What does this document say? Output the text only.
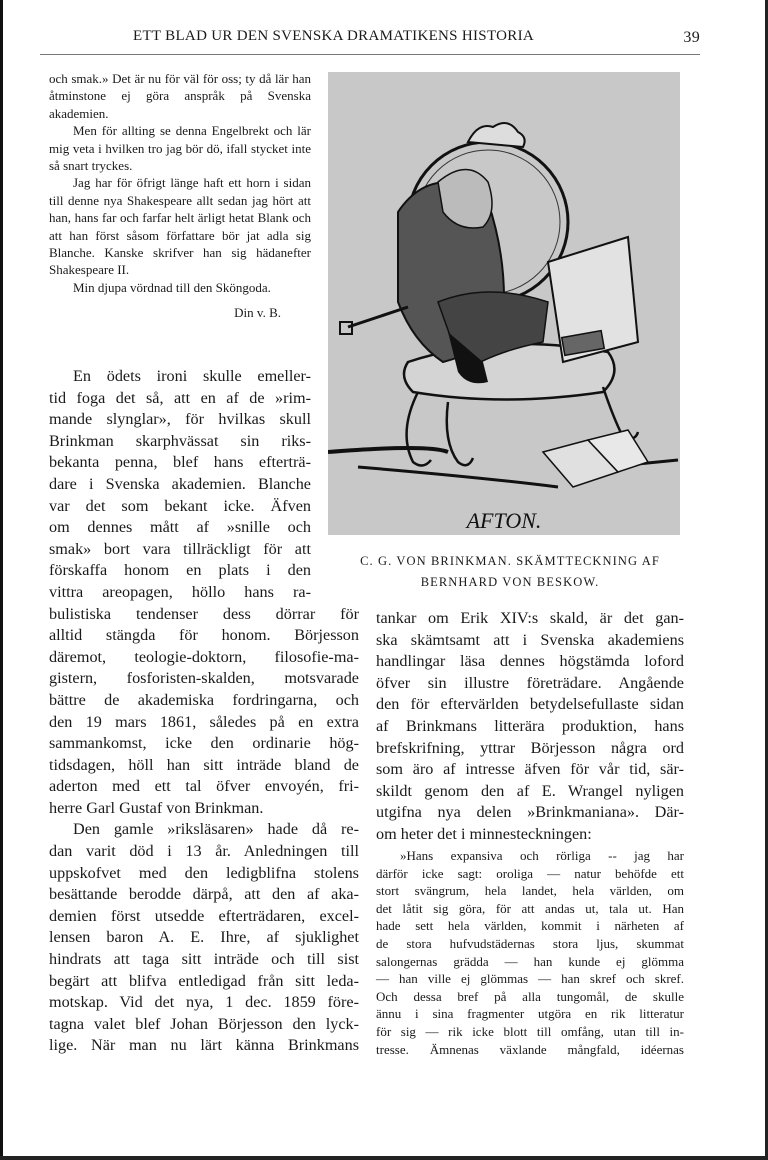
ETT BLAD UR DEN SVENSKA DRAMATIKENS HISTORIA	39

och smak.» Det är nu för väl för oss; ty då lär han åtminstone ej göra anspråk på Svenska akademien.

Men för allting se denna Engelbrekt och lär mig veta i hvilken tro jag bör dö, ifall stycket inte så snart tryckes.

Jag har för öfrigt länge haft ett horn i sidan till denne nya Shakespeare allt sedan jag hört att han, hans far och farfar helt ärligt hetat Blank och att han först såsom författare bör jat adla sig Blanche. Kanske skrifver han sig hädanefter Shakespeare II.

Min djupa vördnad till den Sköngoda.

Din v. B.

En ödets ironi skulle emeller-
tid foga det så, att en af de »rim-
mande slynglar», för hvilkas skull
Brinkman skarphvässat sin riks-
bekanta penna, blef hans efterträ-
dare i Svenska akademien. Blanche
var det som bekant icke. Äfven
om dennes mått af »snille och
smak» bort vara tillräckligt för att
förskaffa honom en plats i den
vittra areopagen, höllo hans ra-
bulistiska tendenser dess dörrar för
alltid stängda för honom. Börjesson
däremot, teologie-doktorn, filosofie-ma-
gistern, fosforisten-skalden, motsvarade
bättre de akademiska fordringarna, och
den 19 mars 1861, således på en extra
sammankomst, icke den ordinarie hög-
tidsdagen, höll han sitt inträde bland de
aderton med ett tal öfver envoyén, fri-
herre Garl Gustaf von Brinkman.
Den gamle »riksläsaren» hade då re-
dan varit död i 13 år. Anledningen till
uppskofvet med den ledigblifna stolens
besättande berodde därpå, att den af aka-
demien först utsedde efterträdaren, excel-
lensen baron A. E. Ihre, af sjuklighet
hindrats att taga sitt inträde och till sist
begärt att blifva entledigad från sitt leda-
motskap. Vid det nya, 1 dec. 1859 före-
tagna valet blef Johan Börjesson den lyck-
lige. När man nu lärt känna Brinkmans
AFTON.
C. G. VON BRINKMAN. SKÄMTTECKNING AF
BERNHARD VON BESKOW.
tankar om Erik XIV:s skald, är det gan-
ska skämtsamt att i Svenska akademiens
handlingar läsa dennes högstämda loford
öfver sin illustre företrädare. Angående
den för eftervärlden betydelsefullaste sidan
af Brinkmans litterära produktion, hans
brefskrifning, yttrar Börjesson några ord
som äro af intresse äfven för vår tid, sär-
skildt genom den af E. Wrangel nyligen
utgifna nya delen »Brinkmaniana». Där-
om heter det i minnesteckningen:
»Hans expansiva och rörliga -- jag har
därför icke sagt: oroliga — natur behöfde ett
stort svängrum, hela landet, hela världen, om
det låtit sig göra, för att andas ut, tala ut. Han
hade sett hela världen, kommit i närheten af
de stora hufvudstädernas stora ljus, skummat
salongernas grädda — han kunde ej glömma
— han ville ej glömmas — han skref och skref.
Och dessa bref på alla tungomål, de skulle
ännu i sina fragmenter utgöra en rik litteratur
för sig — rik icke blott till omfång, utan till in-
tresse. Ämnenas växlande mångfald, idéernas
